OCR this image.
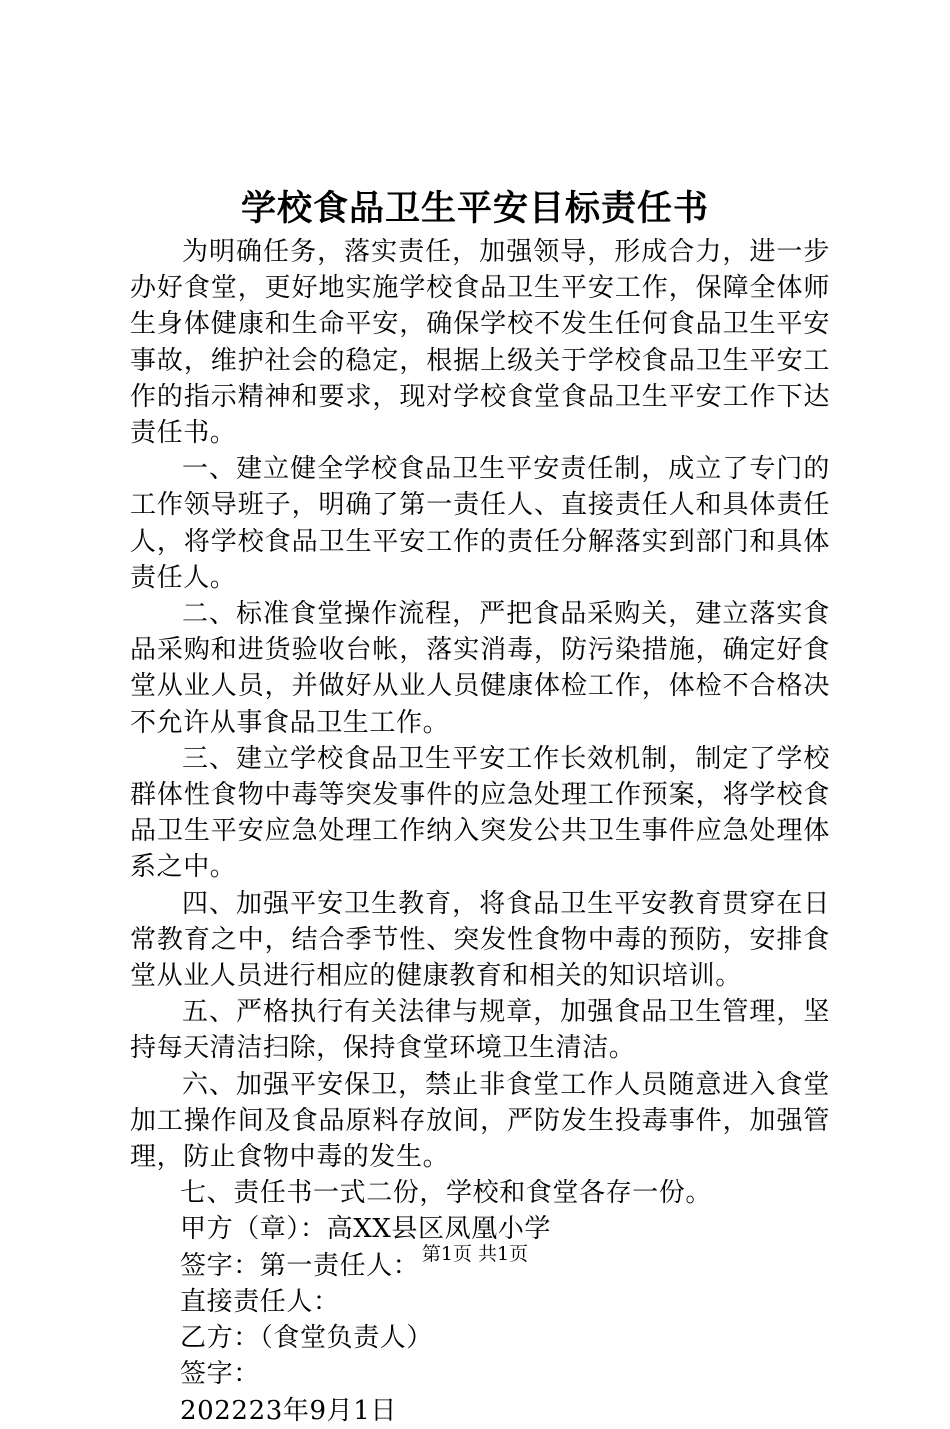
学校食品卫生平安目标责任书

为明确任务，落实责任，加强领导，形成合力，进一步办好食堂，更好地实施学校食品卫生平安工作，保障全体师生身体健康和生命平安，确保学校不发生任何食品卫生平安事故，维护社会的稳定，根据上级关于学校食品卫生平安工作的指示精神和要求，现对学校食堂食品卫生平安工作下达责任书。

一、建立健全学校食品卫生平安责任制，成立了专门的工作领导班子，明确了第一责任人、直接责任人和具体责任人，将学校食品卫生平安工作的责任分解落实到部门和具体责任人。

二、标准食堂操作流程，严把食品采购关，建立落实食品采购和进货验收台帐，落实消毒，防污染措施，确定好食堂从业人员，并做好从业人员健康体检工作，体检不合格决不允许从事食品卫生工作。

三、建立学校食品卫生平安工作长效机制，制定了学校群体性食物中毒等突发事件的应急处理工作预案，将学校食品卫生平安应急处理工作纳入突发公共卫生事件应急处理体系之中。

四、加强平安卫生教育，将食品卫生平安教育贯穿在日常教育之中，结合季节性、突发性食物中毒的预防，安排食堂从业人员进行相应的健康教育和相关的知识培训。

五、严格执行有关法律与规章，加强食品卫生管理，坚持每天清洁扫除，保持食堂环境卫生清洁。

六、加强平安保卫，禁止非食堂工作人员随意进入食堂加工操作间及食品原料存放间，严防发生投毒事件，加强管理，防止食物中毒的发生。

七、责任书一式二份，学校和食堂各存一份。

甲方（章）：高XX县区凤凰小学

签字：第一责任人：

直接责任人：

乙方：（食堂负责人）

签字：

202223年9月1日

第1页 共1页
